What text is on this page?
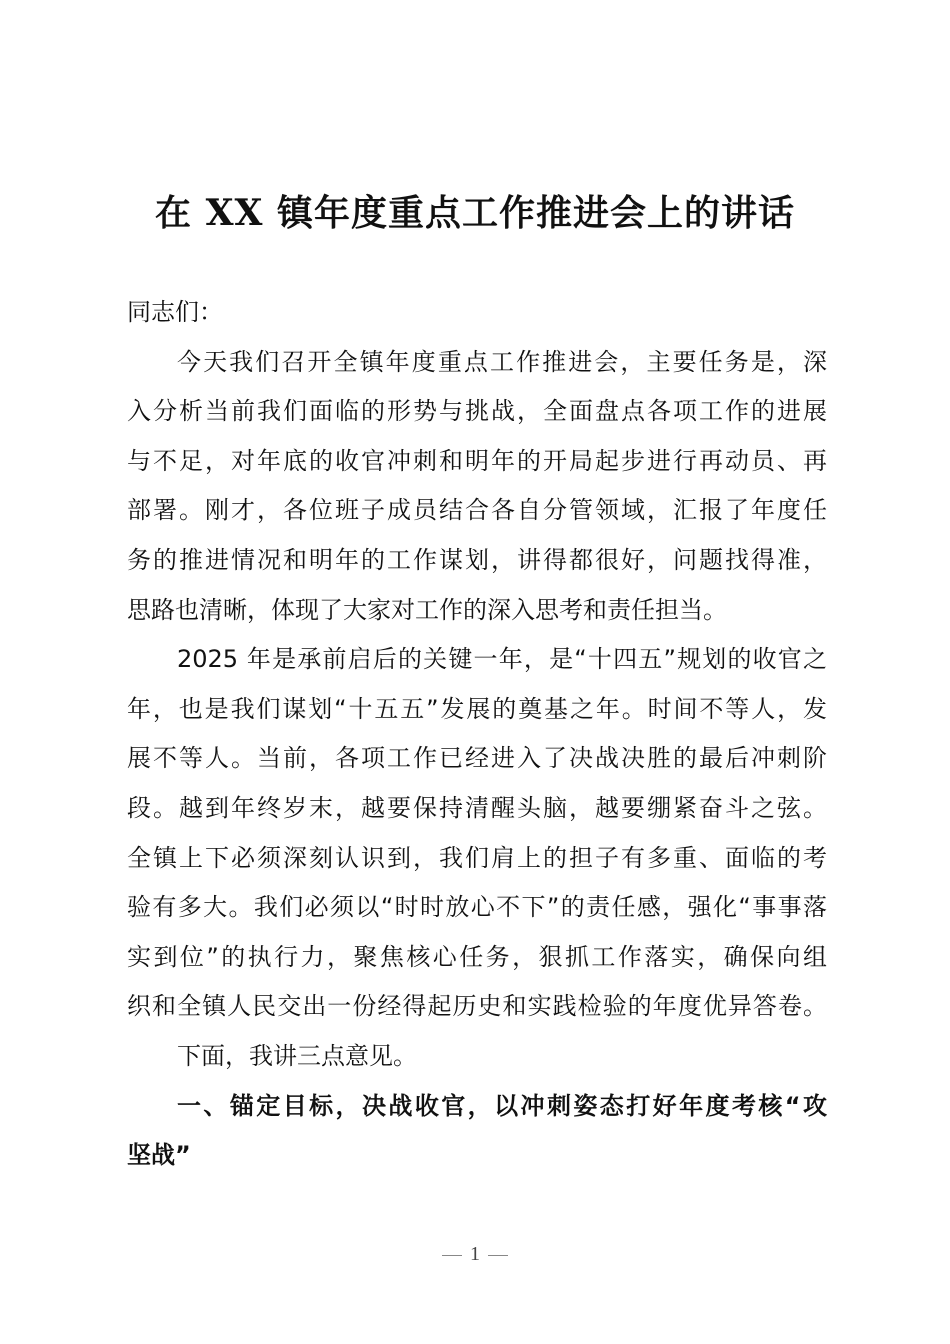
在 XX 镇年度重点工作推进会上的讲话
同志们：
今天我们召开全镇年度重点工作推进会，主要任务是，深
入分析当前我们面临的形势与挑战，全面盘点各项工作的进展
与不足，对年底的收官冲刺和明年的开局起步进行再动员、再
部署。刚才，各位班子成员结合各自分管领域，汇报了年度任
务的推进情况和明年的工作谋划，讲得都很好，问题找得准，
思路也清晰，体现了大家对工作的深入思考和责任担当。
2025 年是承前启后的关键一年，是“十四五”规划的收官之
年，也是我们谋划“十五五”发展的奠基之年。时间不等人，发
展不等人。当前，各项工作已经进入了决战决胜的最后冲刺阶
段。越到年终岁末，越要保持清醒头脑，越要绷紧奋斗之弦。
全镇上下必须深刻认识到，我们肩上的担子有多重、面临的考
验有多大。我们必须以“时时放心不下”的责任感，强化“事事落
实到位”的执行力，聚焦核心任务，狠抓工作落实，确保向组
织和全镇人民交出一份经得起历史和实践检验的年度优异答卷。
下面，我讲三点意见。
一、锚定目标，决战收官，以冲刺姿态打好年度考核“攻
坚战”
1
